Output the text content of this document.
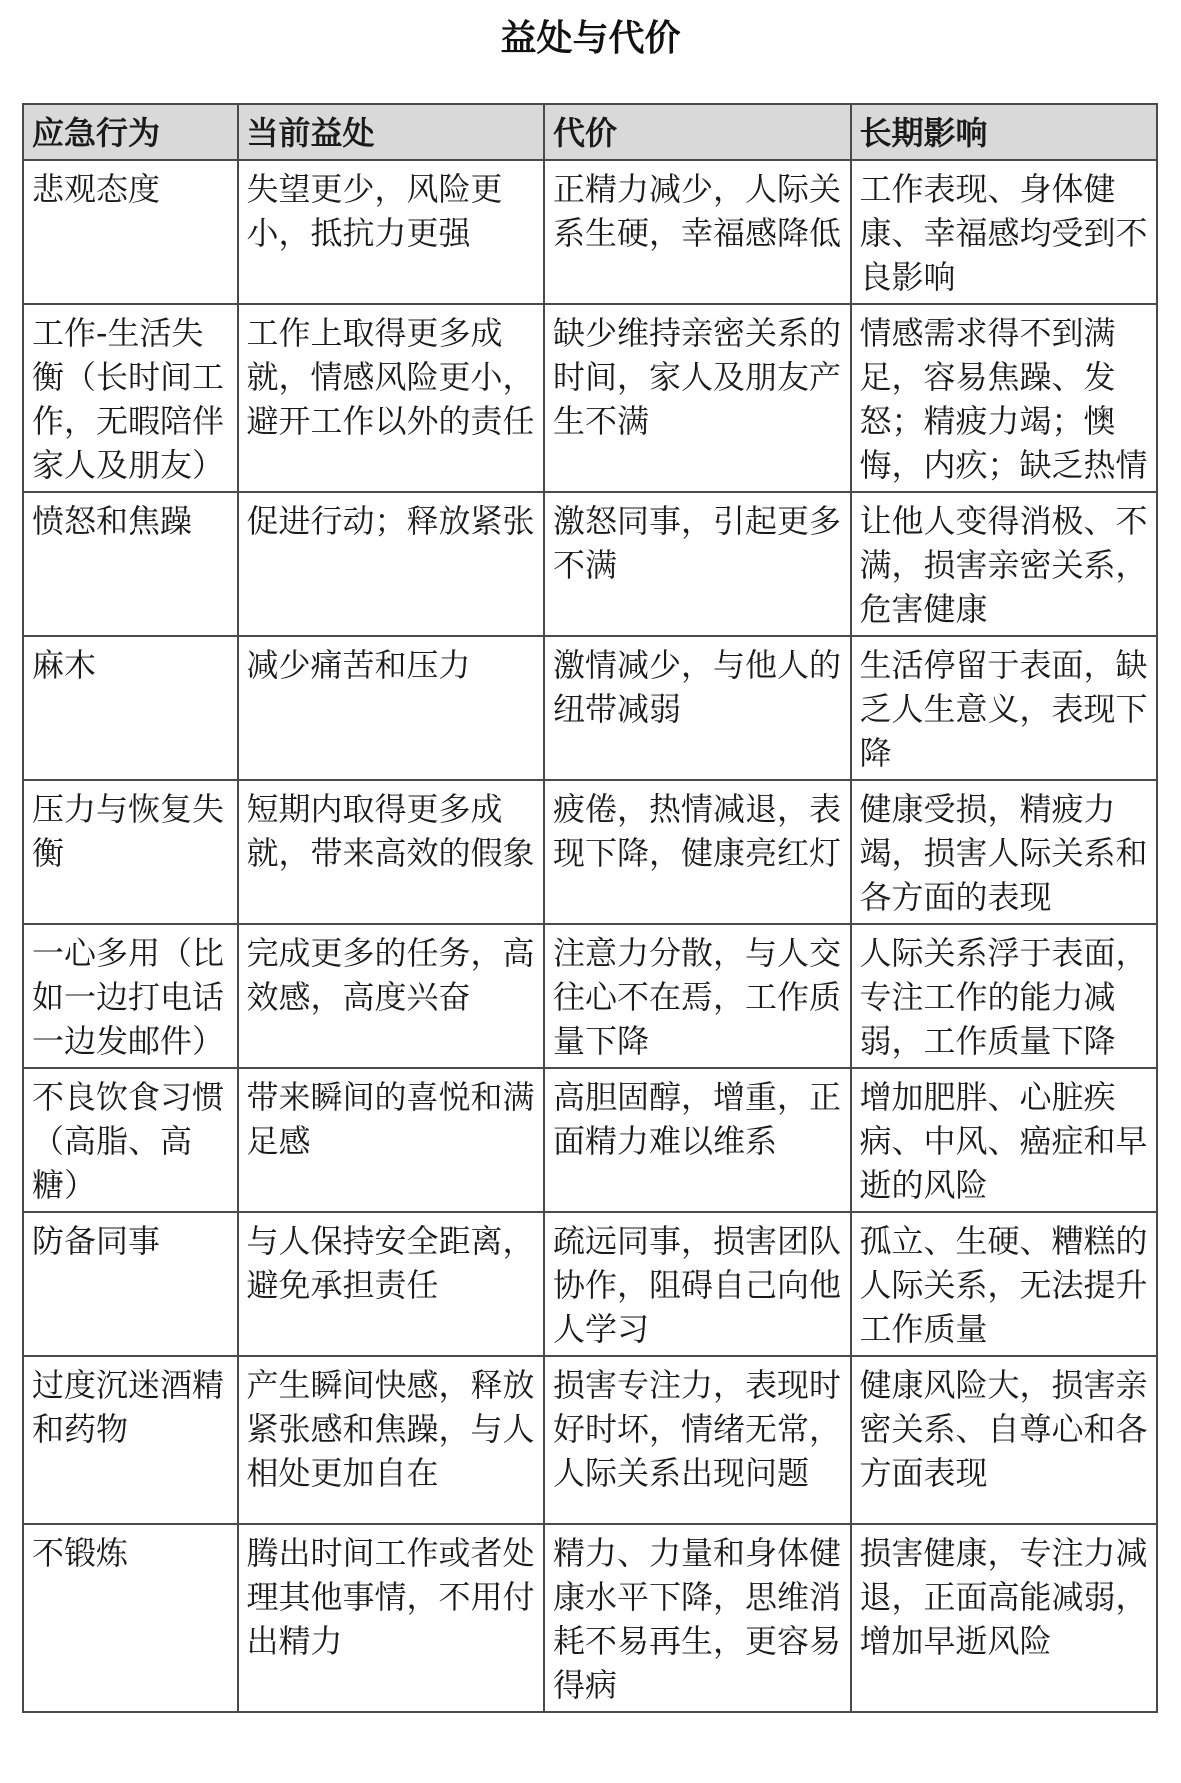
益处与代价
应急行为	当前益处	代价	长期影响
悲观态度	失望更少，风险更小，抵抗力更强	正精力减少，人际关系生硬，幸福感降低	工作表现、身体健康、幸福感均受到不良影响
工作-生活失衡（长时间工作，无暇陪伴家人及朋友）	工作上取得更多成就，情感风险更小，避开工作以外的责任	缺少维持亲密关系的时间，家人及朋友产生不满	情感需求得不到满足，容易焦躁、发怒；精疲力竭；懊悔，内疚；缺乏热情
愤怒和焦躁	促进行动；释放紧张	激怒同事，引起更多不满	让他人变得消极、不满，损害亲密关系，危害健康
麻木	减少痛苦和压力	激情减少，与他人的纽带减弱	生活停留于表面，缺乏人生意义，表现下降
压力与恢复失衡	短期内取得更多成就，带来高效的假象	疲倦，热情减退，表现下降，健康亮红灯	健康受损，精疲力竭，损害人际关系和各方面的表现
一心多用（比如一边打电话一边发邮件）	完成更多的任务，高效感，高度兴奋	注意力分散，与人交往心不在焉，工作质量下降	人际关系浮于表面，专注工作的能力减弱，工作质量下降
不良饮食习惯（高脂、高糖）	带来瞬间的喜悦和满足感	高胆固醇，增重，正面精力难以维系	增加肥胖、心脏疾病、中风、癌症和早逝的风险
防备同事	与人保持安全距离，避免承担责任	疏远同事，损害团队协作，阻碍自己向他人学习	孤立、生硬、糟糕的人际关系，无法提升工作质量
过度沉迷酒精和药物	产生瞬间快感，释放紧张感和焦躁，与人相处更加自在	损害专注力，表现时好时坏，情绪无常，人际关系出现问题	健康风险大，损害亲密关系、自尊心和各方面表现
不锻炼	腾出时间工作或者处理其他事情，不用付出精力	精力、力量和身体健康水平下降，思维消耗不易再生，更容易得病	损害健康，专注力减退，正面高能减弱，增加早逝风险
